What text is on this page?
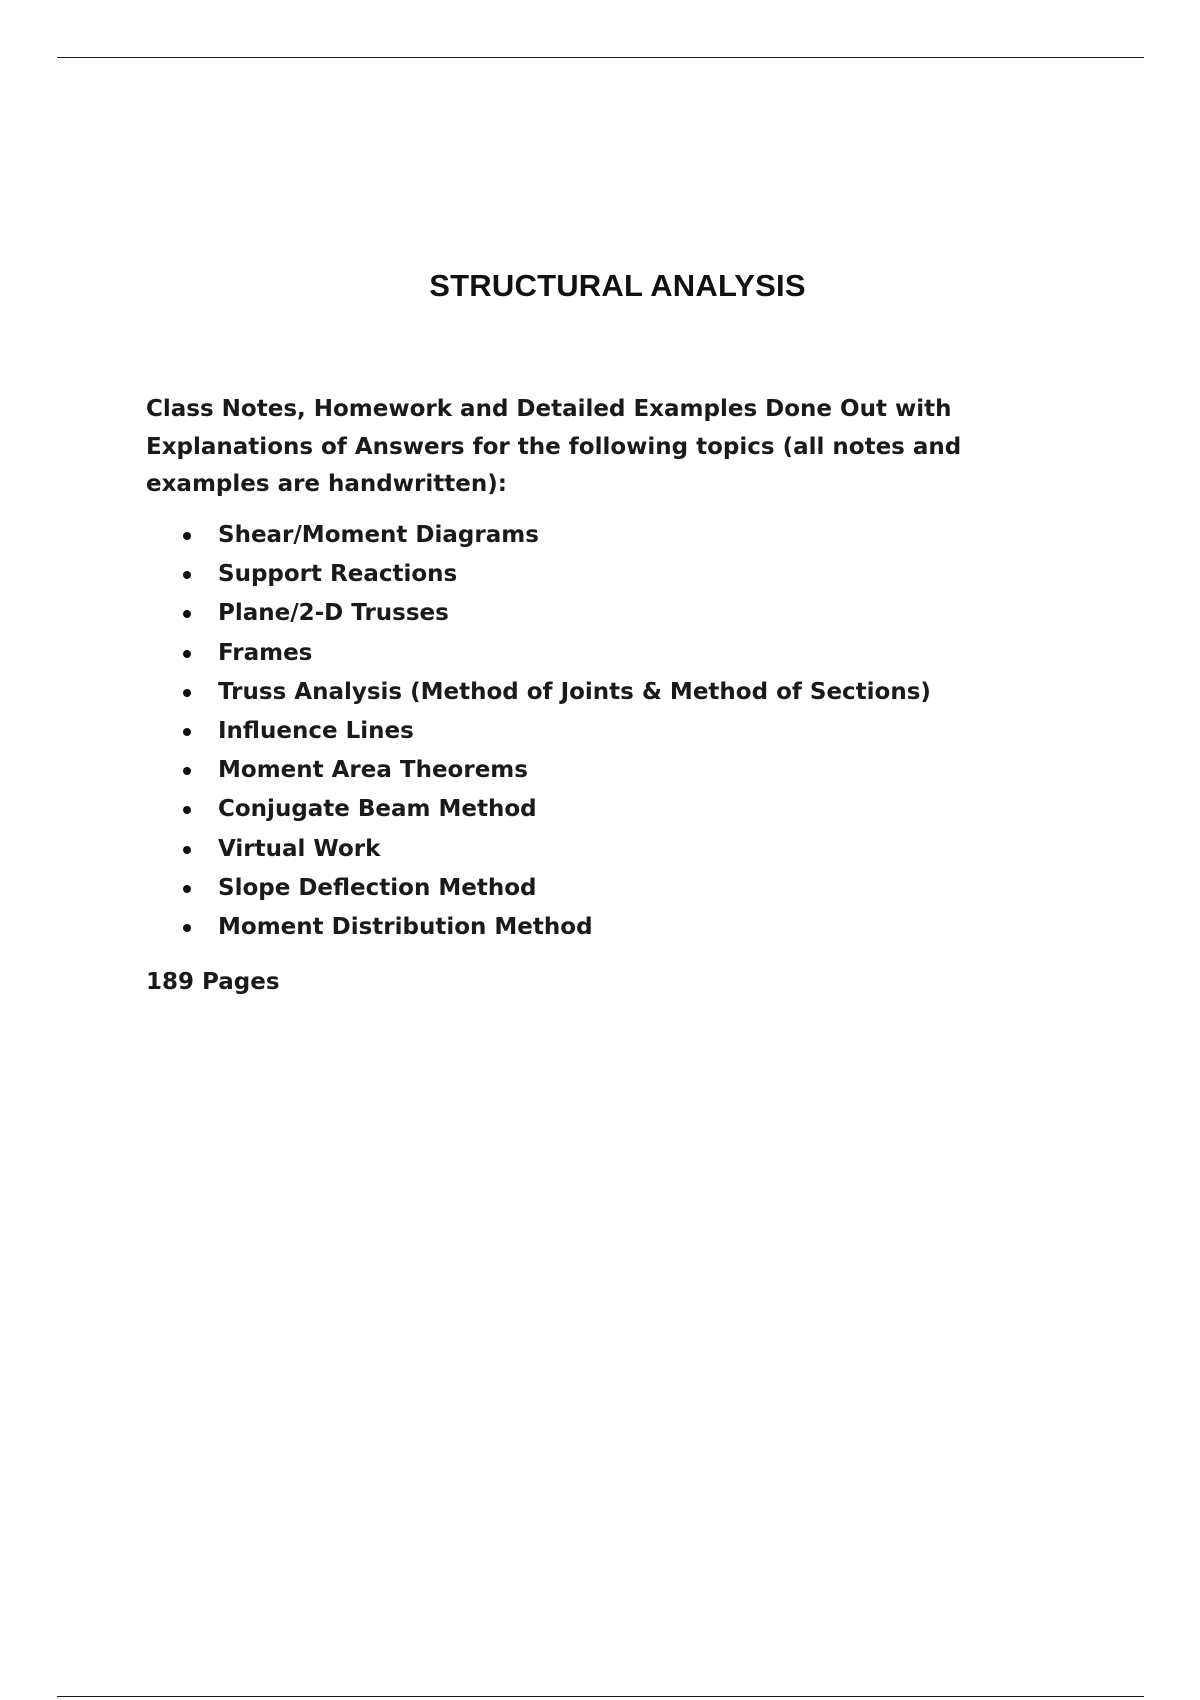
STRUCTURAL ANALYSIS

Class Notes, Homework and Detailed Examples Done Out with Explanations of Answers for the following topics (all notes and examples are handwritten):

Shear/Moment Diagrams
Support Reactions
Plane/2-D Trusses
Frames
Truss Analysis (Method of Joints & Method of Sections)
Influence Lines
Moment Area Theorems
Conjugate Beam Method
Virtual Work
Slope Deflection Method
Moment Distribution Method

189 Pages
